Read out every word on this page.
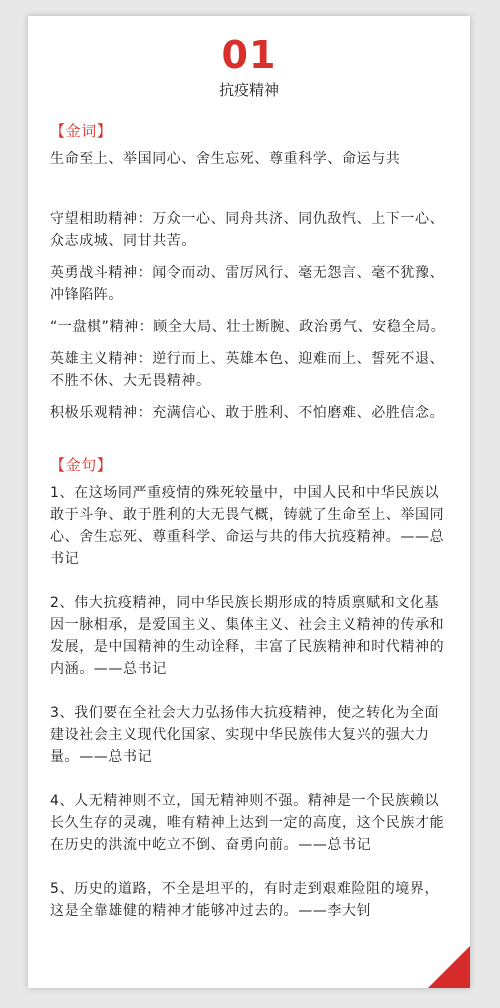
01
抗疫精神

【金词】

生命至上、举国同心、舍生忘死、尊重科学、命运与共

守望相助精神：万众一心、同舟共济、同仇敌忾、上下一心、众志成城、同甘共苦。

英勇战斗精神：闻令而动、雷厉风行、毫无怨言、毫不犹豫、冲锋陷阵。

“一盘棋”精神：顾全大局、壮士断腕、政治勇气、安稳全局。

英雄主义精神：逆行而上、英雄本色、迎难而上、誓死不退、不胜不休、大无畏精神。

积极乐观精神：充满信心、敢于胜利、不怕磨难、必胜信念。

【金句】

1、在这场同严重疫情的殊死较量中，中国人民和中华民族以敢于斗争、敢于胜利的大无畏气概，铸就了生命至上、举国同心、舍生忘死、尊重科学、命运与共的伟大抗疫精神。——总书记

2、伟大抗疫精神，同中华民族长期形成的特质禀赋和文化基因一脉相承，是爱国主义、集体主义、社会主义精神的传承和发展，是中国精神的生动诠释，丰富了民族精神和时代精神的内涵。——总书记

3、我们要在全社会大力弘扬伟大抗疫精神，使之转化为全面建设社会主义现代化国家、实现中华民族伟大复兴的强大力量。——总书记

4、人无精神则不立，国无精神则不强。精神是一个民族赖以长久生存的灵魂，唯有精神上达到一定的高度，这个民族才能在历史的洪流中屹立不倒、奋勇向前。——总书记

5、历史的道路，不全是坦平的，有时走到艰难险阻的境界，这是全靠雄健的精神才能够冲过去的。——李大钊
